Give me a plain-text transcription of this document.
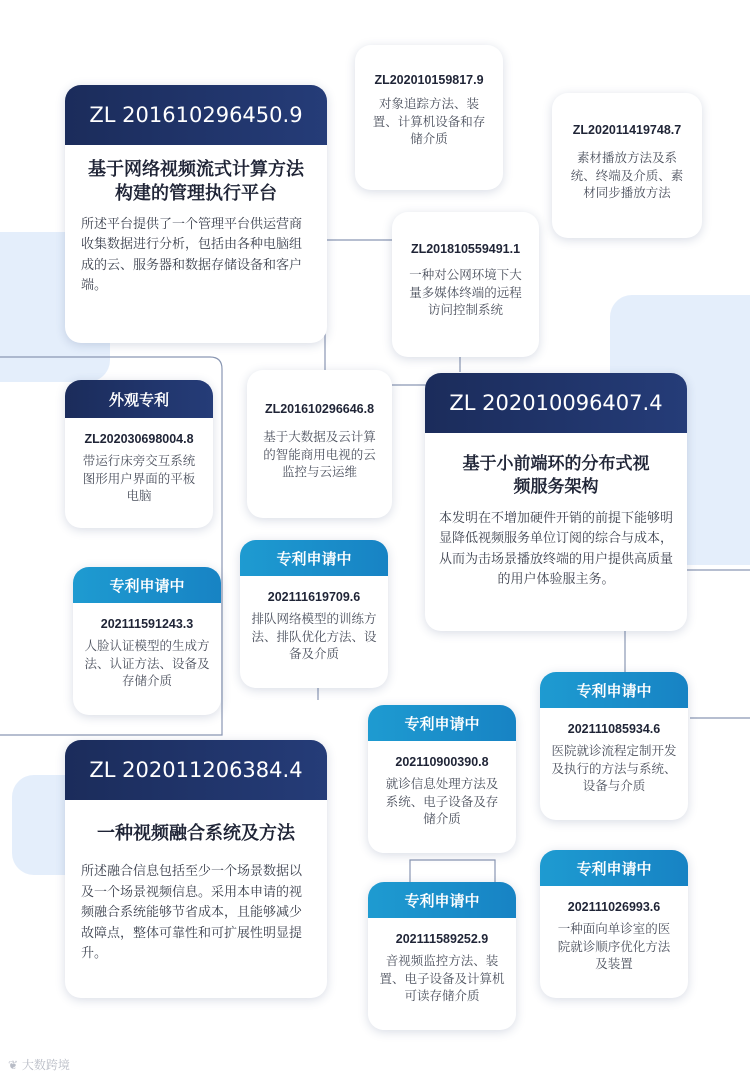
ZL 201610296450.9
基于网络视频流式计算方法构建的管理执行平台
所述平台提供了一个管理平台供运营商收集数据进行分析，包括由各种电脑组成的云、服务器和数据存储设备和客户端。
ZL202010159817.9
对象追踪方法、装置、计算机设备和存储介质
ZL202011419748.7
素材播放方法及系统、终端及介质、素材同步播放方法
ZL201810559491.1
一种对公网环境下大量多媒体终端的远程访问控制系统
外观专利
ZL202030698004.8
带运行床旁交互系统图形用户界面的平板电脑
ZL201610296646.8
基于大数据及云计算的智能商用电视的云监控与云运维
ZL 202010096407.4
基于小前端环的分布式视频服务架构
本发明在不增加硬件开销的前提下能够明显降低视频服务单位订阅的综合与成本，从而为击场景播放终端的用户提供高质量的用户体验服主务。
专利申请中
202111619709.6
排队网络模型的训练方法、排队优化方法、设备及介质
专利申请中
202111591243.3
人脸认证模型的生成方法、认证方法、设备及存储介质
专利申请中
202111085934.6
医院就诊流程定制开发及执行的方法与系统、设备与介质
专利申请中
202110900390.8
就诊信息处理方法及系统、电子设备及存储介质
ZL 202011206384.4
一种视频融合系统及方法
所述融合信息包括至少一个场景数据以及一个场景视频信息。采用本申请的视频融合系统能够节省成本，且能够减少故障点，整体可靠性和可扩展性明显提升。
专利申请中
202111589252.9
音视频监控方法、装置、电子设备及计算机可读存储介质
专利申请中
202111026993.6
一种面向单诊室的医院就诊顺序优化方法及装置
❦ 大数跨境
